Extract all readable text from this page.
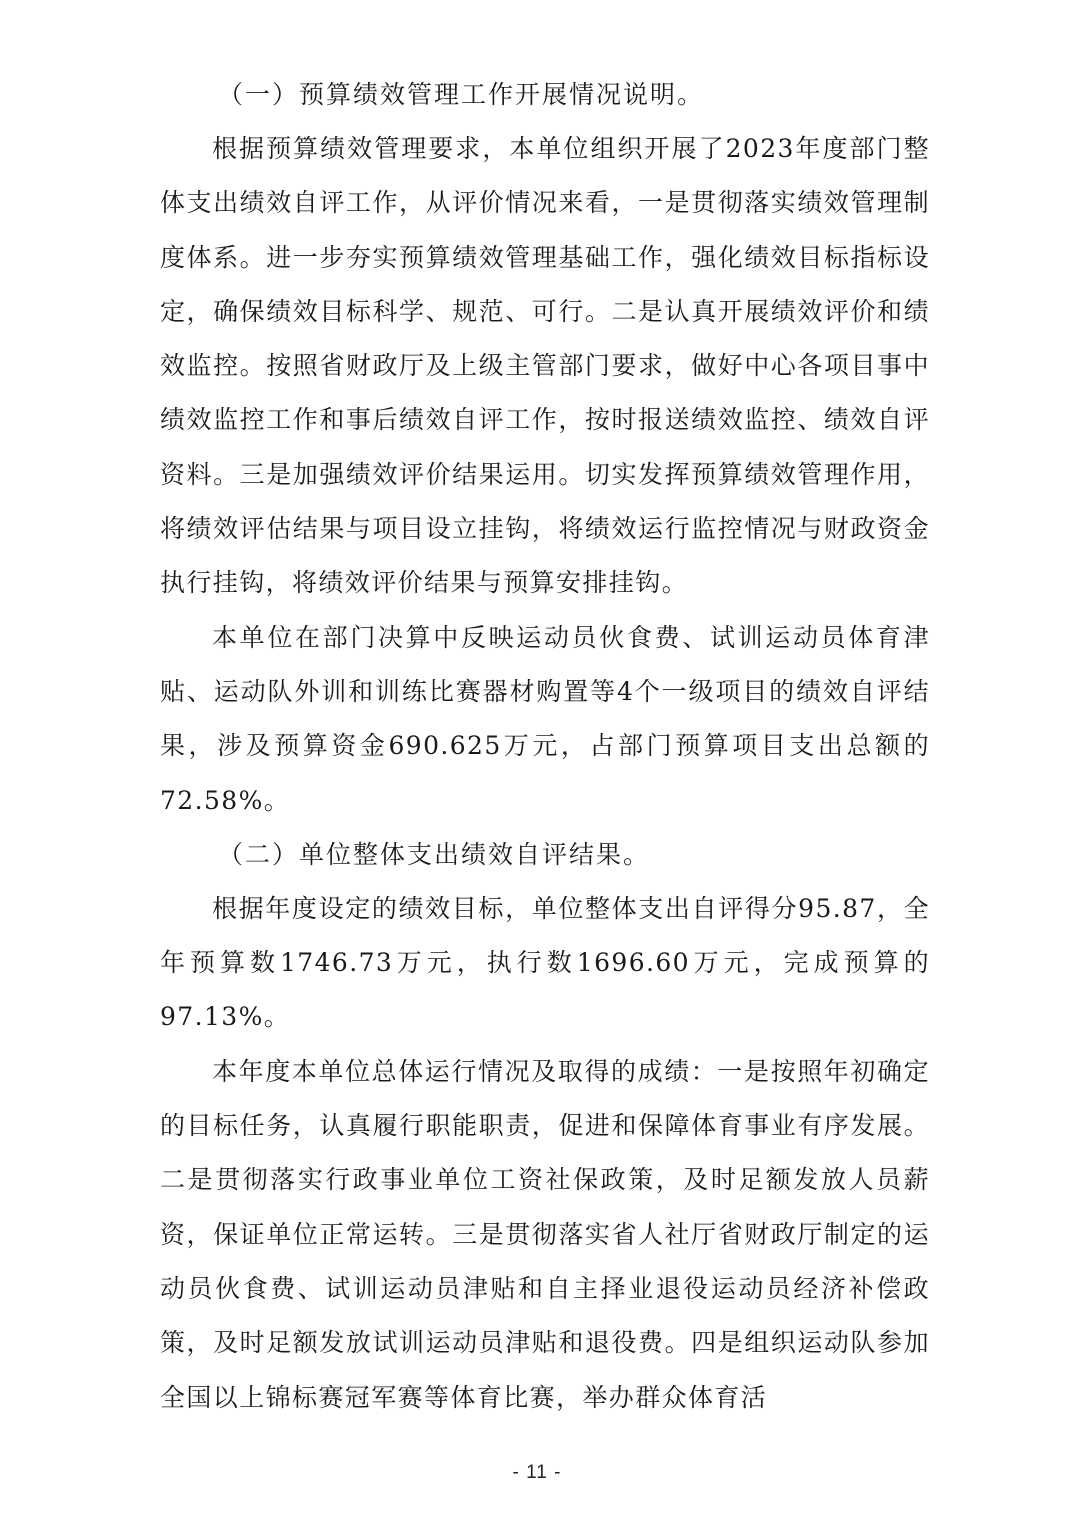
（一）预算绩效管理工作开展情况说明。

根据预算绩效管理要求，本单位组织开展了2023年度部门整体支出绩效自评工作，从评价情况来看，一是贯彻落实绩效管理制度体系。进一步夯实预算绩效管理基础工作，强化绩效目标指标设定，确保绩效目标科学、规范、可行。二是认真开展绩效评价和绩效监控。按照省财政厅及上级主管部门要求，做好中心各项目事中绩效监控工作和事后绩效自评工作，按时报送绩效监控、绩效自评资料。三是加强绩效评价结果运用。切实发挥预算绩效管理作用，将绩效评估结果与项目设立挂钩，将绩效运行监控情况与财政资金执行挂钩，将绩效评价结果与预算安排挂钩。

本单位在部门决算中反映运动员伙食费、试训运动员体育津贴、运动队外训和训练比赛器材购置等4个一级项目的绩效自评结果，涉及预算资金690.625万元，占部门预算项目支出总额的72.58%。

（二）单位整体支出绩效自评结果。

根据年度设定的绩效目标，单位整体支出自评得分95.87，全年预算数1746.73万元，执行数1696.60万元，完成预算的97.13%。

本年度本单位总体运行情况及取得的成绩：一是按照年初确定的目标任务，认真履行职能职责，促进和保障体育事业有序发展。二是贯彻落实行政事业单位工资社保政策，及时足额发放人员薪资，保证单位正常运转。三是贯彻落实省人社厅省财政厅制定的运动员伙食费、试训运动员津贴和自主择业退役运动员经济补偿政策，及时足额发放试训运动员津贴和退役费。四是组织运动队参加全国以上锦标赛冠军赛等体育比赛，举办群众体育活

- 11 -
